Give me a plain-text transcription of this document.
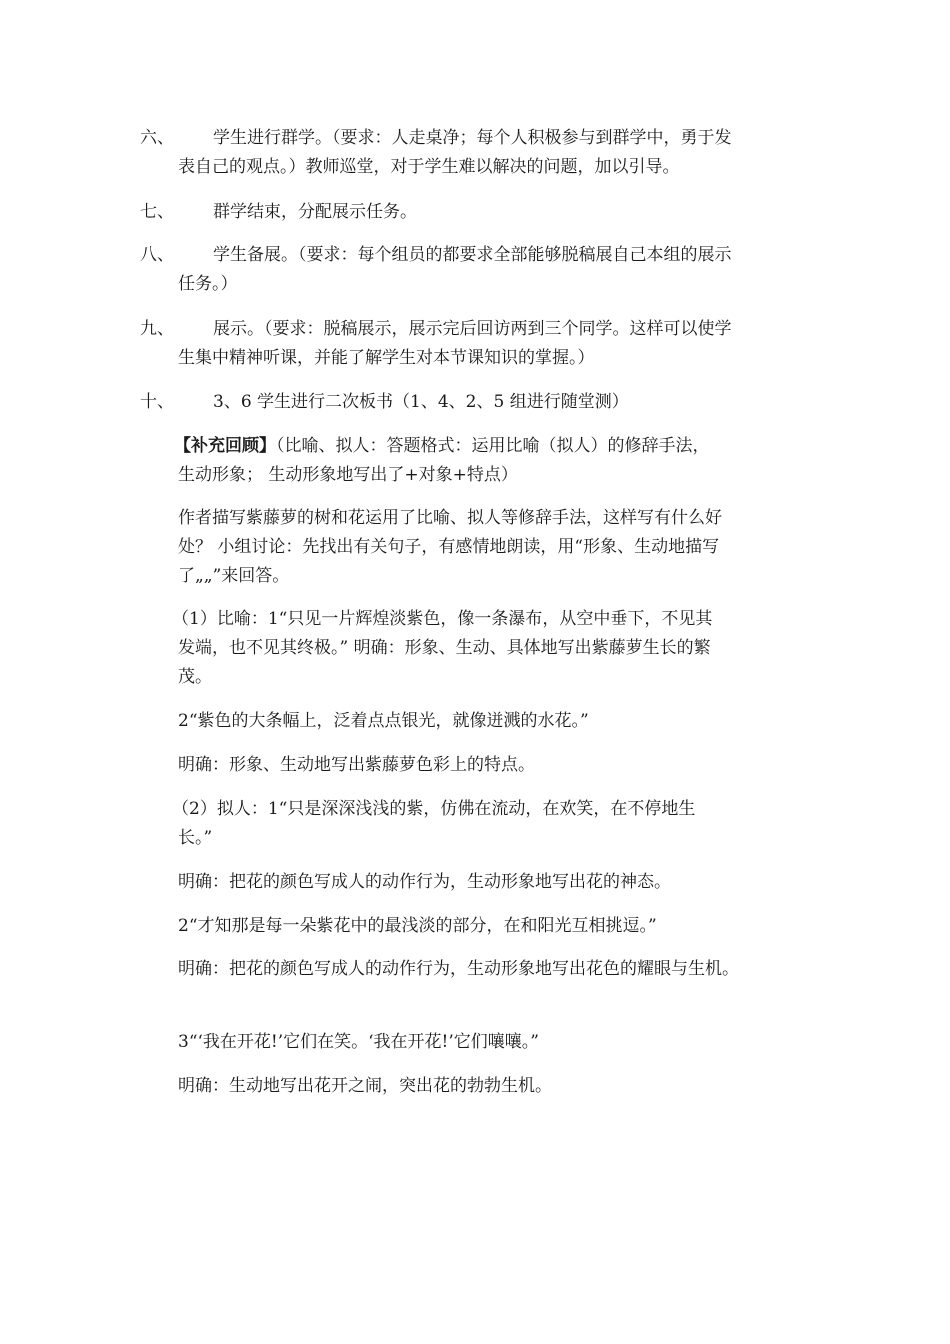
六、	学生进行群学。（要求：人走桌净；每个人积极参与到群学中，勇于发
表自己的观点。）教师巡堂，对于学生难以解决的问题，加以引导。
七、	群学结束，分配展示任务。
八、	学生备展。（要求：每个组员的都要求全部能够脱稿展自己本组的展示
任务。）
九、	展示。（要求：脱稿展示，展示完后回访两到三个同学。这样可以使学
生集中精神听课，并能了解学生对本节课知识的掌握。）
十、	3、6 学生进行二次板书（1、4、2、5 组进行随堂测）
【补充回顾】（比喻、拟人：答题格式：运用比喻（拟人）的修辞手法，
生动形象； 生动形象地写出了+对象+特点）
作者描写紫藤萝的树和花运用了比喻、拟人等修辞手法，这样写有什么好
处？ 小组讨论：先找出有关句子，有感情地朗读，用“形象、生动地描写
了„„”来回答。
（1）比喻：1“只见一片辉煌淡紫色，像一条瀑布，从空中垂下，不见其
发端，也不见其终极。” 明确：形象、生动、具体地写出紫藤萝生长的繁
茂。
2“紫色的大条幅上，泛着点点银光，就像迸溅的水花。”
明确：形象、生动地写出紫藤萝色彩上的特点。
（2）拟人：1“只是深深浅浅的紫，仿佛在流动，在欢笑，在不停地生
长。”
明确：把花的颜色写成人的动作行为，生动形象地写出花的神态。
2“才知那是每一朵紫花中的最浅淡的部分，在和阳光互相挑逗。”
明确：把花的颜色写成人的动作行为，生动形象地写出花色的耀眼与生机。
3“‘我在开花!’它们在笑。‘我在开花!’它们嚷嚷。”
明确：生动地写出花开之闹，突出花的勃勃生机。
